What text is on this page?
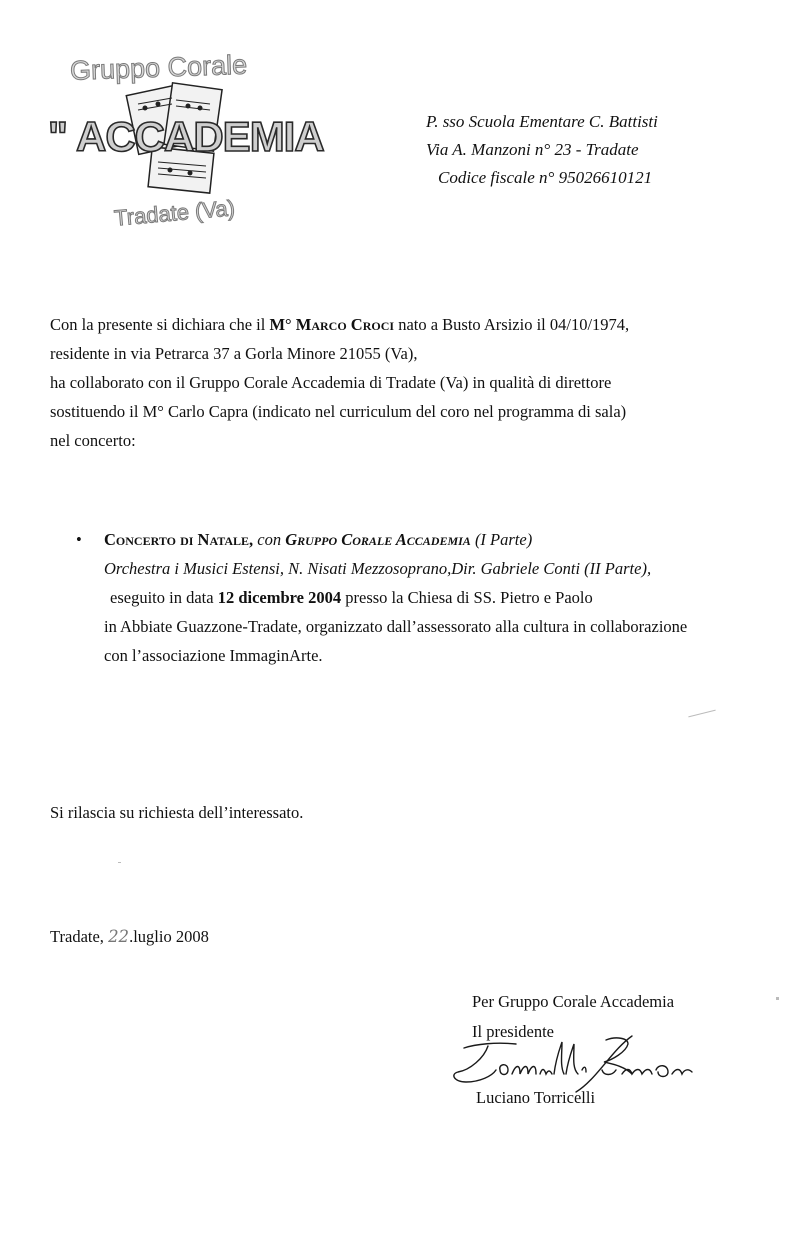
Gruppo Corale
" ACCADEMIA "
Tradate (Va)
P. sso Scuola Ementare C. Battisti
Via A. Manzoni n° 23 - Tradate
Codice fiscale n° 95026610121

Con la presente si dichiara che il M° Marco Croci nato a Busto Arsizio il 04/10/1974,

residente in via Petrarca 37 a Gorla Minore 21055 (Va),

ha collaborato con il Gruppo Corale Accademia di Tradate (Va) in qualità di direttore

sostituendo il M° Carlo Capra (indicato nel curriculum del coro nel programma di sala)

nel concerto:

• Concerto di Natale, con Gruppo Corale Accademia (I Parte)
Orchestra i Musici Estensi, N. Nisati Mezzosoprano,Dir. Gabriele Conti (II Parte),
eseguito in data 12 dicembre 2004 presso la Chiesa di SS. Pietro e Paolo
in Abbiate Guazzone-Tradate, organizzato dall’assessorato alla cultura in collaborazione
con l’associazione ImmaginArte.
Si rilascia su richiesta dell’interessato.
Tradate, 22.luglio 2008
Per Gruppo Corale Accademia
Il presidente
Luciano Torricelli
